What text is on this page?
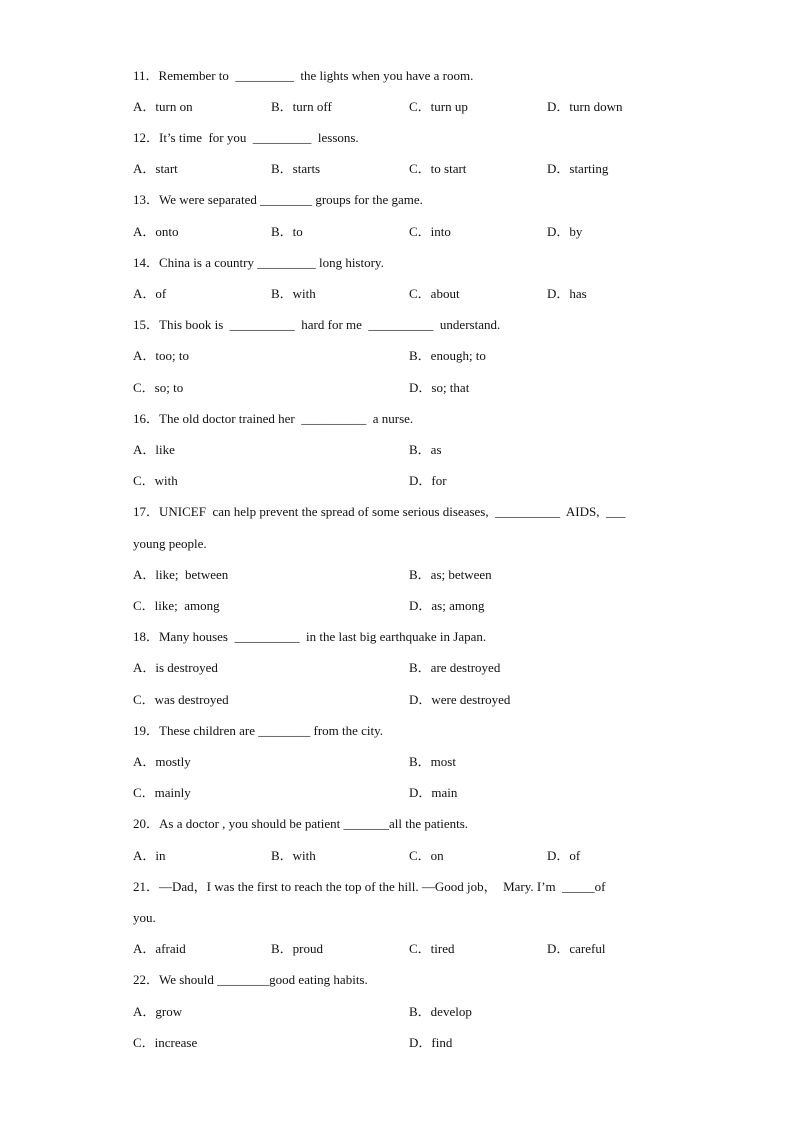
11．Remember to  _________  the lights when you have a room.
A．turn on	B．turn off	C．turn up	D．turn down
12．It’s time  for you  _________  lessons.
A．start	B．starts	C．to start	D．starting
13．We were separated ________ groups for the game.
A．onto	B．to	C．into	D．by
14．China is a country _________ long history.
A．of	B．with	C．about	D．has
15．This book is  __________  hard for me  __________  understand.
A．too; to	B．enough; to
C．so; to	D．so; that
16．The old doctor trained her  __________  a nurse.
A．like	B．as
C．with	D．for
17．UNICEF  can help prevent the spread of some serious diseases,  __________  AIDS,  ___
young people.
A．like;  between	B．as; between
C．like;  among	D．as; among
18．Many houses  __________  in the last big earthquake in Japan.
A．is destroyed	B．are destroyed
C．was destroyed	D．were destroyed
19．These children are ________ from the city.
A．mostly	B．most
C．mainly	D．main
20．As a doctor , you should be patient _______all the patients.
A．in	B．with	C．on	D．of
21．—Dad，I was the first to reach the top of the hill. —Good job，  Mary. I’m  _____of
you.
A．afraid	B．proud	C．tired	D．careful
22．We should ________good eating habits.
A．grow	B．develop
C．increase	D．find
